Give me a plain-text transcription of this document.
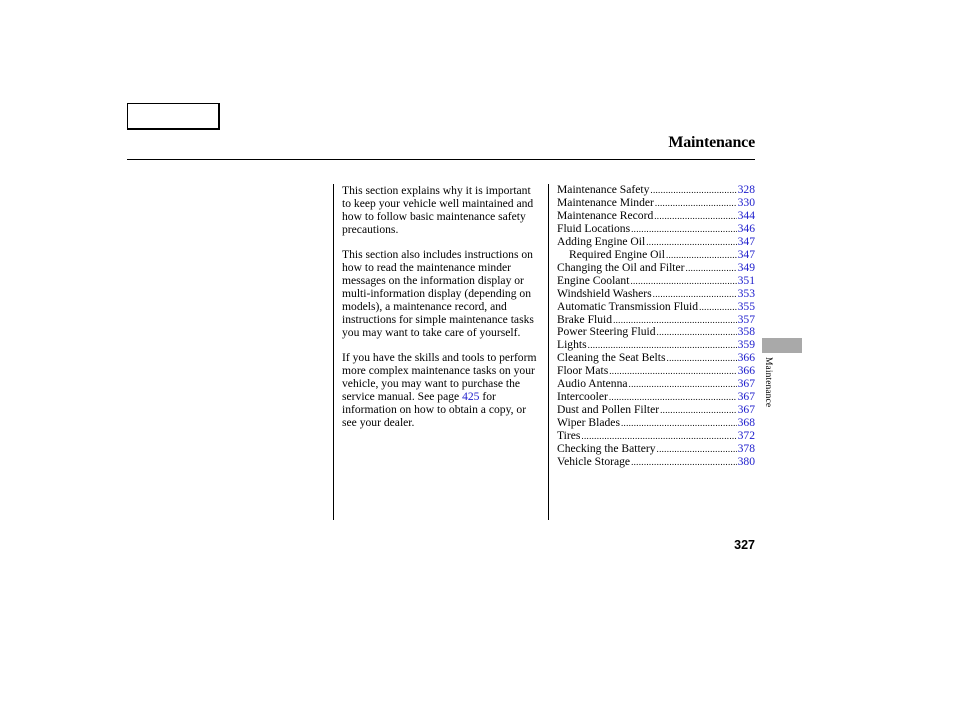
Maintenance

This section explains why it is important to keep your vehicle well maintained and how to follow basic maintenance safety precautions.

This section also includes instructions on how to read the maintenance minder messages on the information display or multi-information display (depending on models), a maintenance record, and instructions for simple maintenance tasks you may want to take care of yourself.

If you have the skills and tools to perform more complex maintenance tasks on your vehicle, you may want to purchase the service manual. See page 425 for information on how to obtain a copy, or see your dealer.

Maintenance Safety .....	328
Maintenance Minder .....	330
Maintenance Record .....	344
Fluid Locations .....	346
Adding Engine Oil .....	347
Required Engine Oil .....	347
Changing the Oil and Filter .....	349
Engine Coolant .....	351
Windshield Washers .....	353
Automatic Transmission Fluid .....	355
Brake Fluid .....	357
Power Steering Fluid .....	358
Lights .....	359
Cleaning the Seat Belts .....	366
Floor Mats .....	366
Audio Antenna .....	367
Intercooler .....	367
Dust and Pollen Filter .....	367
Wiper Blades .....	368
Tires .....	372
Checking the Battery .....	378
Vehicle Storage .....	380
Maintenance
327
